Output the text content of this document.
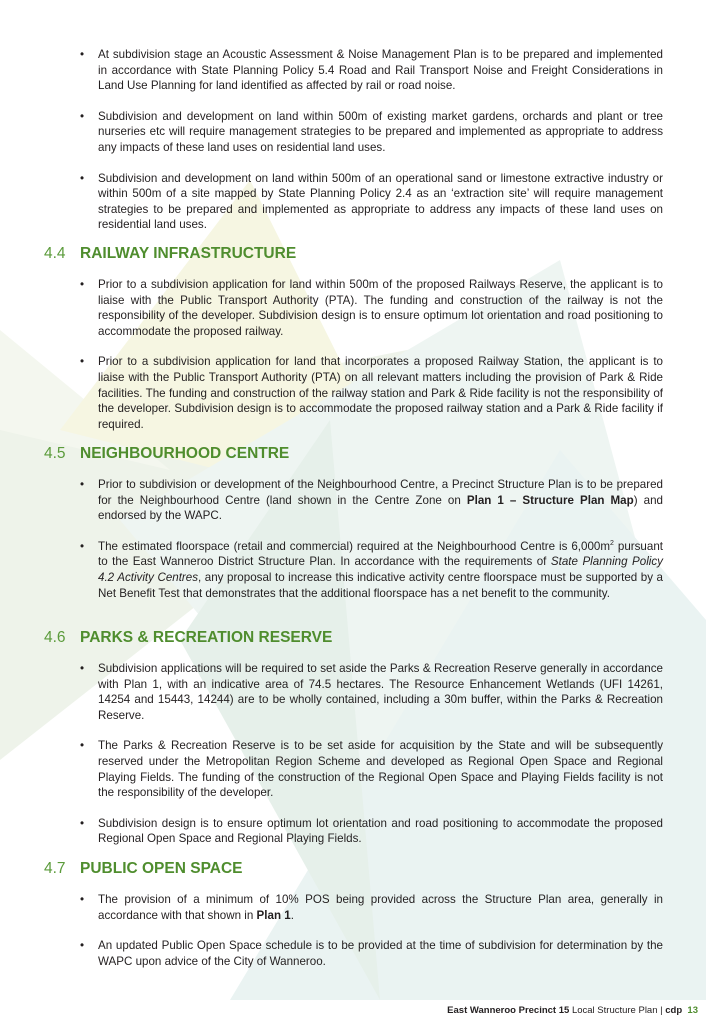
• At subdivision stage an Acoustic Assessment & Noise Management Plan is to be prepared and implemented in accordance with State Planning Policy 5.4 Road and Rail Transport Noise and Freight Considerations in Land Use Planning for land identified as affected by rail or road noise.
• Subdivision and development on land within 500m of existing market gardens, orchards and plant or tree nurseries etc will require management strategies to be prepared and implemented as appropriate to address any impacts of these land uses on residential land uses.
• Subdivision and development on land within 500m of an operational sand or limestone extractive industry or within 500m of a site mapped by State Planning Policy 2.4 as an ‘extraction site’ will require management strategies to be prepared and implemented as appropriate to address any impacts of these land uses on residential land uses.
4.4 RAILWAY INFRASTRUCTURE
• Prior to a subdivision application for land within 500m of the proposed Railways Reserve, the applicant is to liaise with the Public Transport Authority (PTA). The funding and construction of the railway is not the responsibility of the developer. Subdivision design is to ensure optimum lot orientation and road positioning to accommodate the proposed railway.
• Prior to a subdivision application for land that incorporates a proposed Railway Station, the applicant is to liaise with the Public Transport Authority (PTA) on all relevant matters including the provision of Park & Ride facilities. The funding and construction of the railway station and Park & Ride facility is not the responsibility of the developer. Subdivision design is to accommodate the proposed railway station and a Park & Ride facility if required.
4.5 NEIGHBOURHOOD CENTRE
• Prior to subdivision or development of the Neighbourhood Centre, a Precinct Structure Plan is to be prepared for the Neighbourhood Centre (land shown in the Centre Zone on Plan 1 – Structure Plan Map) and endorsed by the WAPC.
• The estimated floorspace (retail and commercial) required at the Neighbourhood Centre is $6,000m^2$ pursuant to the East Wanneroo District Structure Plan. In accordance with the requirements of State Planning Policy 4.2 Activity Centres, any proposal to increase this indicative activity centre floorspace must be supported by a Net Benefit Test that demonstrates that the additional floorspace has a net benefit to the community.
4.6 PARKS & RECREATION RESERVE
• Subdivision applications will be required to set aside the Parks & Recreation Reserve generally in accordance with Plan 1, with an indicative area of 74.5 hectares. The Resource Enhancement Wetlands (UFI 14261, 14254 and 15443, 14244) are to be wholly contained, including a 30m buffer, within the Parks & Recreation Reserve.
• The Parks & Recreation Reserve is to be set aside for acquisition by the State and will be subsequently reserved under the Metropolitan Region Scheme and developed as Regional Open Space and Regional Playing Fields. The funding of the construction of the Regional Open Space and Playing Fields facility is not the responsibility of the developer.
• Subdivision design is to ensure optimum lot orientation and road positioning to accommodate the proposed Regional Open Space and Regional Playing Fields.
4.7 PUBLIC OPEN SPACE
• The provision of a minimum of 10% POS being provided across the Structure Plan area, generally in accordance with that shown in Plan 1.
• An updated Public Open Space schedule is to be provided at the time of subdivision for determination by the WAPC upon advice of the City of Wanneroo.
East Wanneroo Precinct 15 Local Structure Plan | cdp 13
